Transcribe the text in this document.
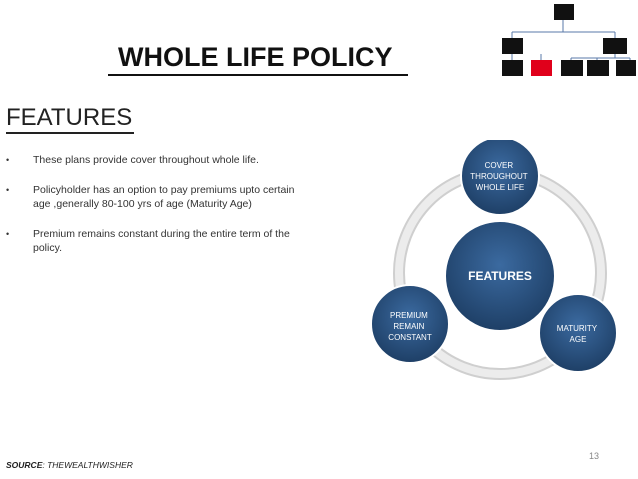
WHOLE LIFE POLICY
FEATURES
• These plans provide cover throughout whole life.
• Policyholder has an option to pay premiums upto certain age ,generally 80-100 yrs of age (Maturity Age)
• Premium remains constant during the entire term of the policy.
FEATURES
COVER THROUGHOUT WHOLE LIFE
MATURITY AGE
PREMIUM REMAIN CONSTANT
SOURCE: THEWEALTHWISHER
13
